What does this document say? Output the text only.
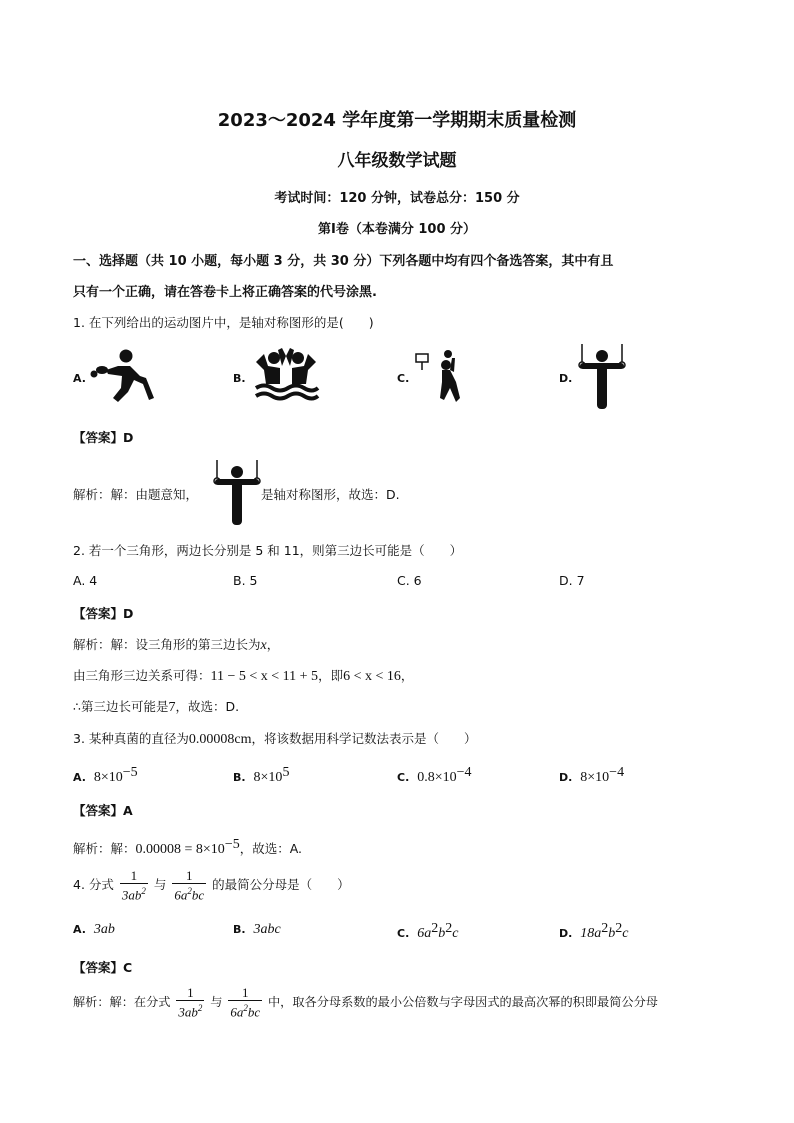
2023～2024 学年度第一学期期末质量检测
八年级数学试题
考试时间：120 分钟，试卷总分：150 分
第Ⅰ卷（本卷满分 100 分）
一、选择题（共 10 小题，每小题 3 分，共 30 分）下列各题中均有四个备选答案，其中有且
只有一个正确，请在答卷卡上将正确答案的代号涂黑.
1. 在下列给出的运动图片中，是轴对称图形的是(　　)
A.	B.	C.	D.
【答案】D
解析：解：由题意知，	是轴对称图形，故选：D.
2. 若一个三角形，两边长分别是 5 和 11，则第三边长可能是（　　）
A. 4	B. 5	C. 6	D. 7
【答案】D
解析：解：设三角形的第三边长为x，
由三角形三边关系可得：11 − 5 < x < 11 + 5，即6 < x < 16，
∴第三边长可能是7，故选：D.
3. 某种真菌的直径为0.00008cm，将该数据用科学记数法表示是（　　）
A. $8\times 10^{-5}$	B. $8\times 10^5$	C. $0.8\times 10^{-4}$	D. $8\times 10^{-4}$
【答案】A
解析：解：$0.00008 = 8\times 10^{-5}$，故选：A.
4. 分式 $\frac{1}{3ab^2}$ 与 $\frac{1}{6a^2bc}$ 的最简公分母是（　　）
A. 3ab	B. 3abc	C. $6a^2b^2c$	D. $18a^2b^2c$
【答案】C
解析：解：在分式 $\frac{1}{3ab^2}$ 与 $\frac{1}{6a^2bc}$ 中，取各分母系数的最小公倍数与字母因式的最高次幂的积即最简公分母
